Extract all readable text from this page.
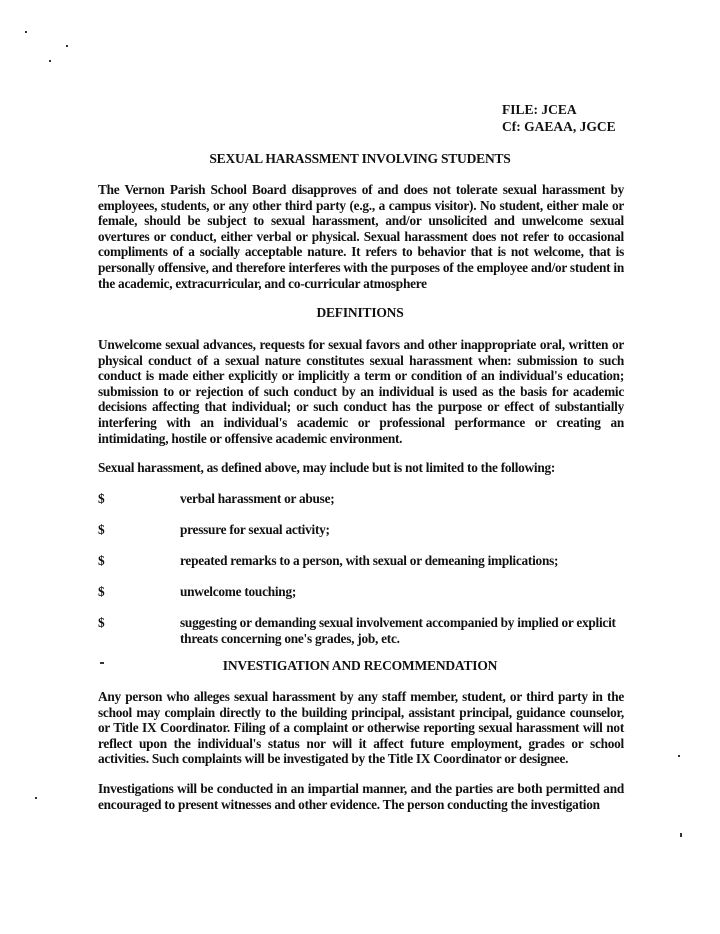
FILE: JCEA
Cf: GAEAA, JGCE
SEXUAL HARASSMENT INVOLVING STUDENTS
The Vernon Parish School Board disapproves of and does not tolerate sexual harassment by employees, students, or any other third party (e.g., a campus visitor). No student, either male or female, should be subject to sexual harassment, and/or unsolicited and unwelcome sexual overtures or conduct, either verbal or physical. Sexual harassment does not refer to occasional compliments of a socially acceptable nature. It refers to behavior that is not welcome, that is personally offensive, and therefore interferes with the purposes of the employee and/or student in the academic, extracurricular, and co-curricular atmosphere
DEFINITIONS
Unwelcome sexual advances, requests for sexual favors and other inappropriate oral, written or physical conduct of a sexual nature constitutes sexual harassment when: submission to such conduct is made either explicitly or implicitly a term or condition of an individual's education; submission to or rejection of such conduct by an individual is used as the basis for academic decisions affecting that individual; or such conduct has the purpose or effect of substantially interfering with an individual's academic or professional performance or creating an intimidating, hostile or offensive academic environment.
Sexual harassment, as defined above, may include but is not limited to the following:
$	verbal harassment or abuse;
$	pressure for sexual activity;
$	repeated remarks to a person, with sexual or demeaning implications;
$	unwelcome touching;
$	suggesting or demanding sexual involvement accompanied by implied or explicit threats concerning one's grades, job, etc.
INVESTIGATION AND RECOMMENDATION
Any person who alleges sexual harassment by any staff member, student, or third party in the school may complain directly to the building principal, assistant principal, guidance counselor, or Title IX Coordinator. Filing of a complaint or otherwise reporting sexual harassment will not reflect upon the individual's status nor will it affect future employment, grades or school activities. Such complaints will be investigated by the Title IX Coordinator or designee.
Investigations will be conducted in an impartial manner, and the parties are both permitted and encouraged to present witnesses and other evidence. The person conducting the investigation
